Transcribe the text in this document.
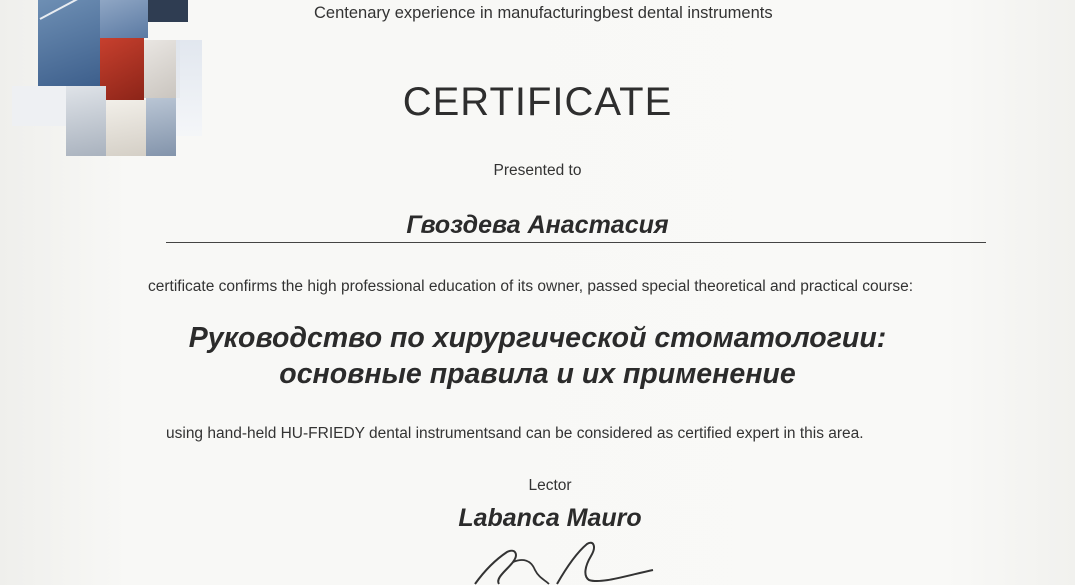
Centenary experience in manufacturingbest dental instruments
CERTIFICATE
Presented to
Гвоздева Анастасия
certificate confirms the high professional education of its owner, passed special theoretical and practical course:
Руководство по хирургической стоматологии:
основные правила и их применение
using hand-held HU-FRIEDY dental instrumentsand can be considered as certified expert in this area.
Lector
Labanca Mauro
